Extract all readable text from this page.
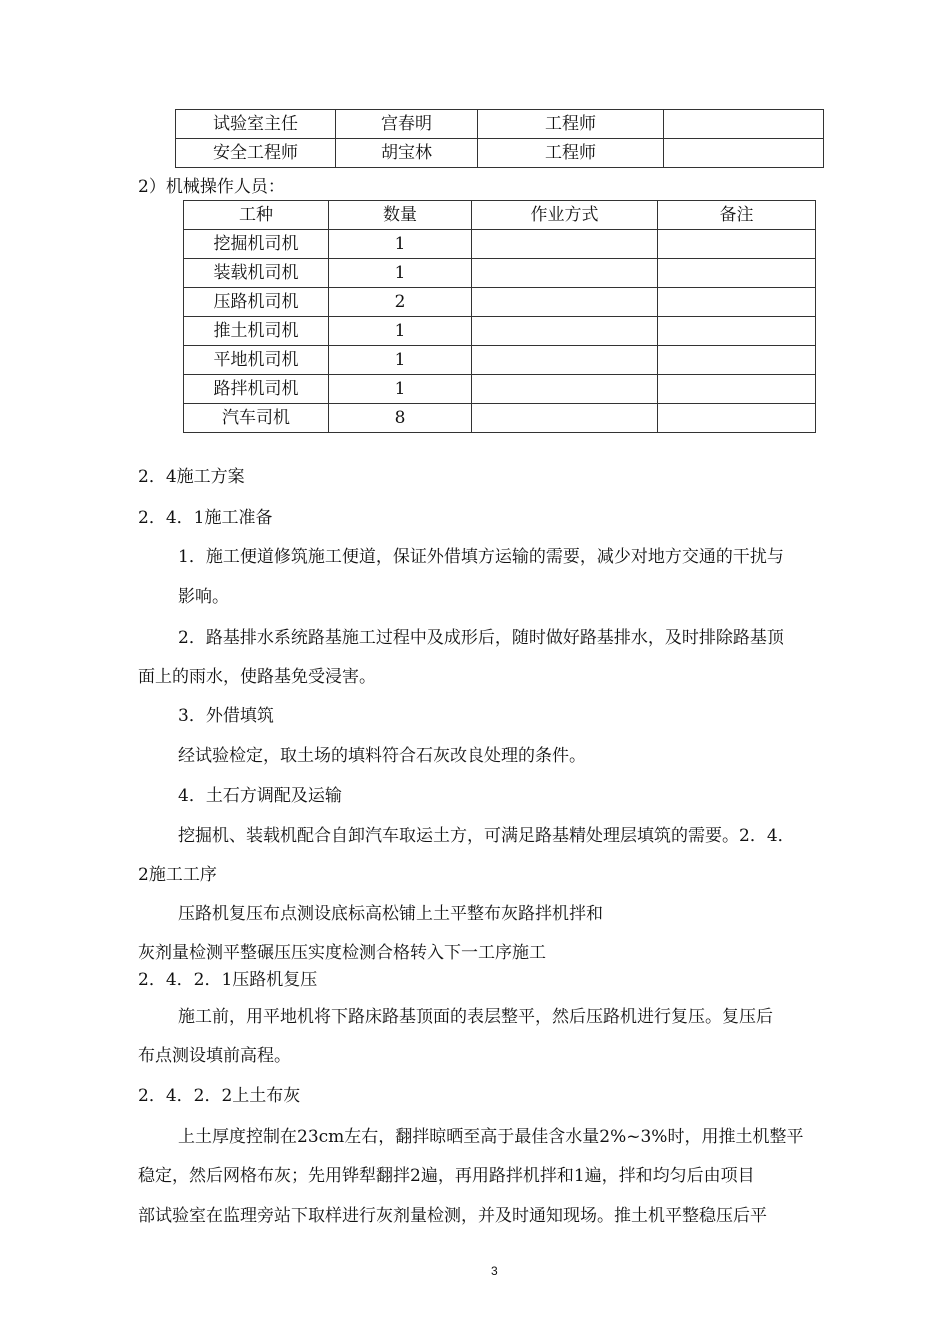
试验室主任	宫春明	工程师	
安全工程师	胡宝林	工程师	
2）机械操作人员：
工种	数量	作业方式	备注
挖掘机司机	1		
装载机司机	1		
压路机司机	2		
推土机司机	1		
平地机司机	1		
路拌机司机	1		
汽车司机	8		
2．4施工方案
2．4．1施工准备
1．施工便道修筑施工便道，保证外借填方运输的需要，减少对地方交通的干扰与
影响。
2．路基排水系统路基施工过程中及成形后，随时做好路基排水，及时排除路基顶
面上的雨水，使路基免受浸害。
3．外借填筑
经试验检定，取土场的填料符合石灰改良处理的条件。
4．土石方调配及运输
挖掘机、装载机配合自卸汽车取运土方，可满足路基精处理层填筑的需要。2．4．
2施工工序
压路机复压布点测设底标高松铺上土平整布灰路拌机拌和
灰剂量检测平整碾压压实度检测合格转入下一工序施工
2．4．2．1压路机复压
施工前，用平地机将下路床路基顶面的表层整平，然后压路机进行复压。复压后
布点测设填前高程。
2．4．2．2上土布灰
上土厚度控制在23cm左右，翻拌晾晒至高于最佳含水量2%~3%时，用推土机整平
稳定，然后网格布灰；先用铧犁翻拌2遍，再用路拌机拌和1遍，拌和均匀后由项目
部试验室在监理旁站下取样进行灰剂量检测，并及时通知现场。推土机平整稳压后平
3
